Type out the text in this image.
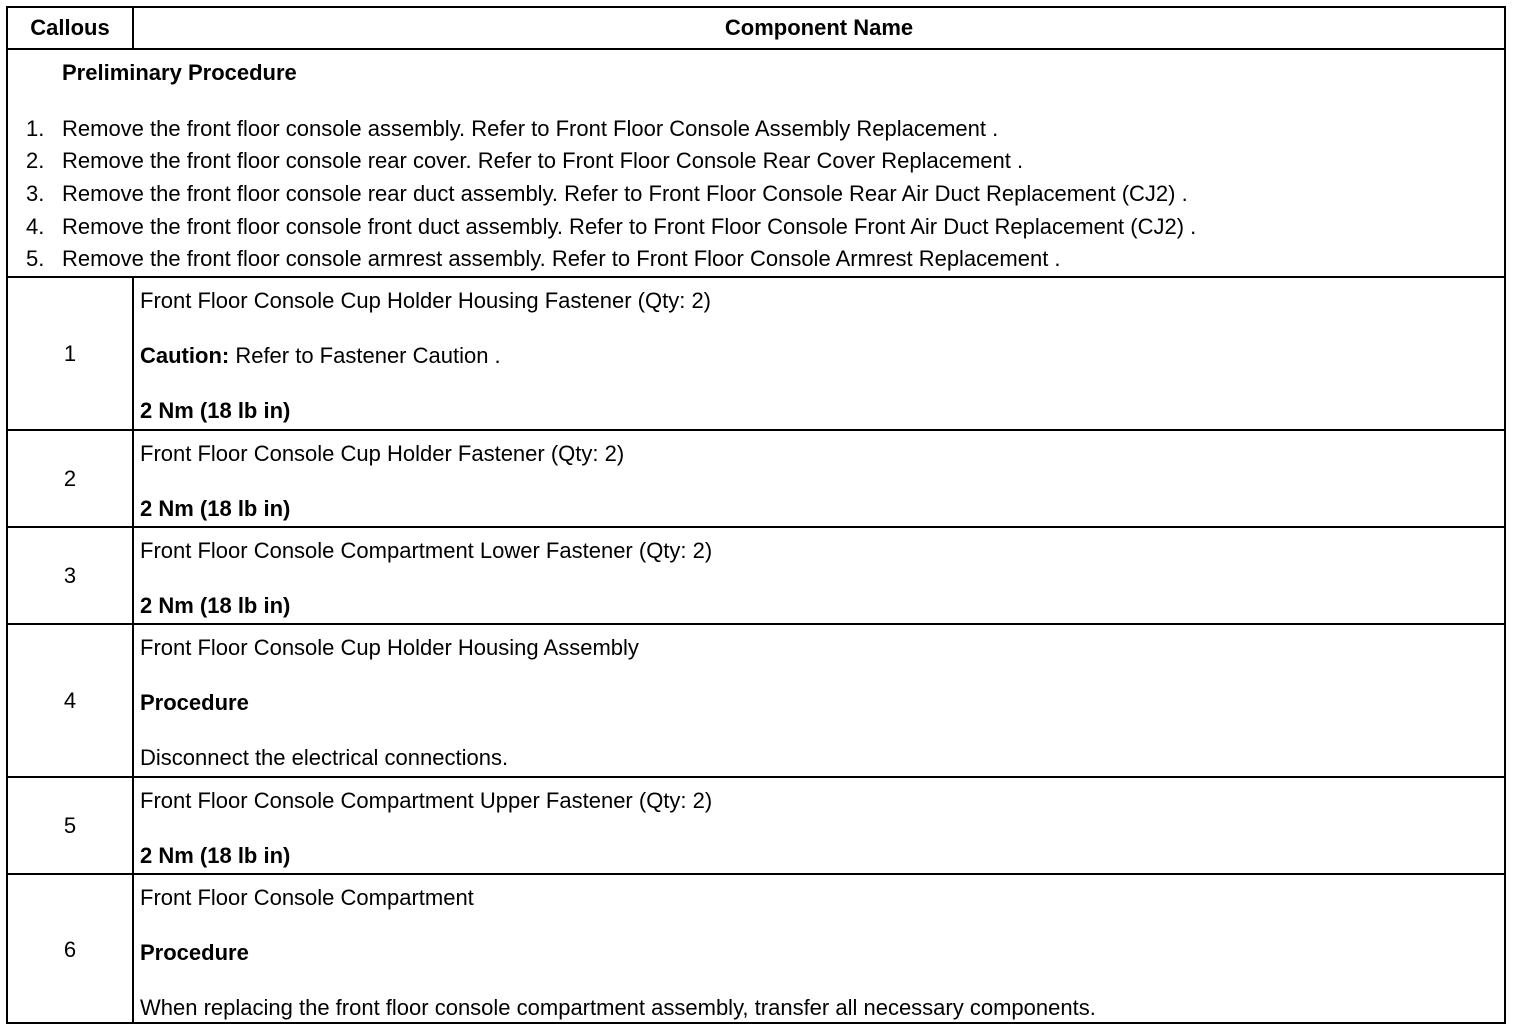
Callous	Component Name
Preliminary Procedure
1. Remove the front floor console assembly. Refer to Front Floor Console Assembly Replacement .
2. Remove the front floor console rear cover. Refer to Front Floor Console Rear Cover Replacement .
3. Remove the front floor console rear duct assembly. Refer to Front Floor Console Rear Air Duct Replacement (CJ2) .
4. Remove the front floor console front duct assembly. Refer to Front Floor Console Front Air Duct Replacement (CJ2) .
5. Remove the front floor console armrest assembly. Refer to Front Floor Console Armrest Replacement .
1
Front Floor Console Cup Holder Housing Fastener (Qty: 2)
Caution: Refer to Fastener Caution .
2 Nm (18 lb in)
2
Front Floor Console Cup Holder Fastener (Qty: 2)
2 Nm (18 lb in)
3
Front Floor Console Compartment Lower Fastener (Qty: 2)
2 Nm (18 lb in)
4
Front Floor Console Cup Holder Housing Assembly
Procedure
Disconnect the electrical connections.
5
Front Floor Console Compartment Upper Fastener (Qty: 2)
2 Nm (18 lb in)
6
Front Floor Console Compartment
Procedure
When replacing the front floor console compartment assembly, transfer all necessary components.
